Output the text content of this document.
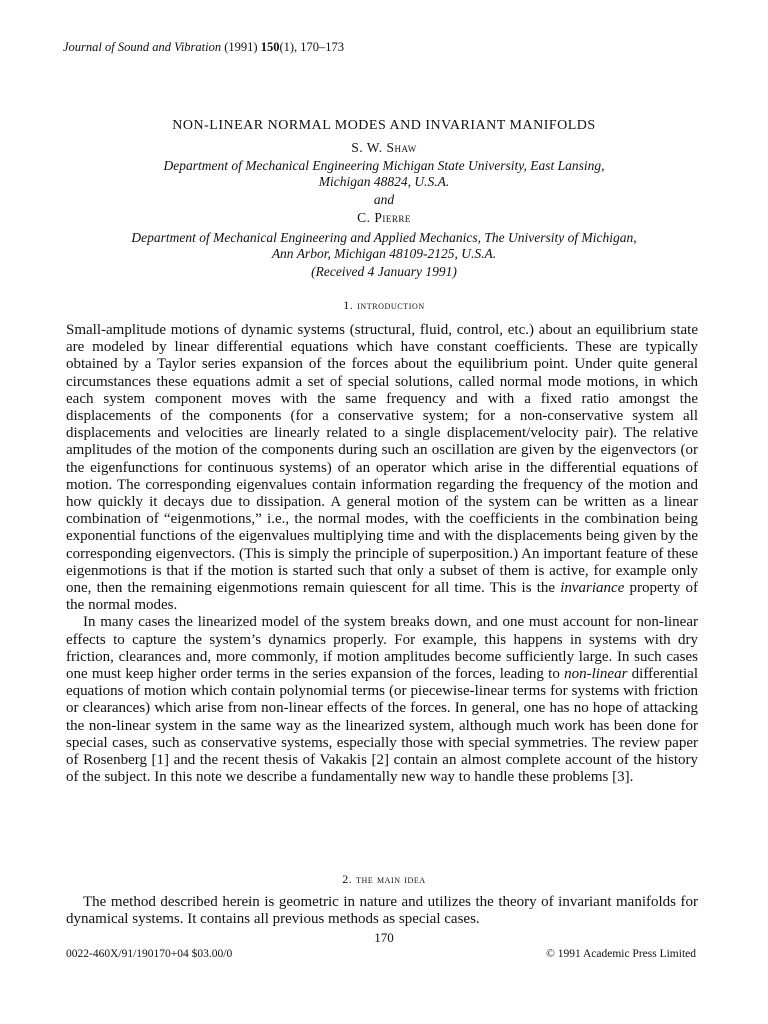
Journal of Sound and Vibration (1991) 150(1), 170–173
NON-LINEAR NORMAL MODES AND INVARIANT MANIFOLDS
S. W. Shaw
Department of Mechanical Engineering Michigan State University, East Lansing,
Michigan 48824, U.S.A.
and
C. Pierre
Department of Mechanical Engineering and Applied Mechanics, The University of Michigan,
Ann Arbor, Michigan 48109-2125, U.S.A.
(Received 4 January 1991)
1. introduction

Small-amplitude motions of dynamic systems (structural, fluid, control, etc.) about an equilibrium state are modeled by linear differential equations which have constant coefficients. These are typically obtained by a Taylor series expansion of the forces about the equilibrium point. Under quite general circumstances these equations admit a set of special solutions, called normal mode motions, in which each system component moves with the same frequency and with a fixed ratio amongst the displacements of the components (for a conservative system; for a non-conservative system all displacements and velocities are linearly related to a single displacement/velocity pair). The relative amplitudes of the motion of the components during such an oscillation are given by the eigenvectors (or the eigenfunctions for continuous systems) of an operator which arise in the differential equations of motion. The corresponding eigenvalues contain information regarding the frequency of the motion and how quickly it decays due to dissipation. A general motion of the system can be written as a linear combination of “eigenmotions,” i.e., the normal modes, with the coefficients in the combination being exponential functions of the eigenvalues multiplying time and with the displacements being given by the corresponding eigenvectors. (This is simply the principle of superposition.) An important feature of these eigenmotions is that if the motion is started such that only a subset of them is active, for example only one, then the remaining eigenmotions remain quiescent for all time. This is the invariance property of the normal modes.

In many cases the linearized model of the system breaks down, and one must account for non-linear effects to capture the system’s dynamics properly. For example, this happens in systems with dry friction, clearances and, more commonly, if motion amplitudes become sufficiently large. In such cases one must keep higher order terms in the series expansion of the forces, leading to non-linear differential equations of motion which contain polynomial terms (or piecewise-linear terms for systems with friction or clearances) which arise from non-linear effects of the forces. In general, one has no hope of attacking the non-linear system in the same way as the linearized system, although much work has been done for special cases, such as conservative systems, especially those with special symmetries. The review paper of Rosenberg [1] and the recent thesis of Vakakis [2] contain an almost complete account of the history of the subject. In this note we describe a fundamentally new way to handle these problems [3].

2. the main idea

The method described herein is geometric in nature and utilizes the theory of invariant manifolds for dynamical systems. It contains all previous methods as special cases.

170
0022-460X/91/190170+04 $03.00/0	© 1991 Academic Press Limited
